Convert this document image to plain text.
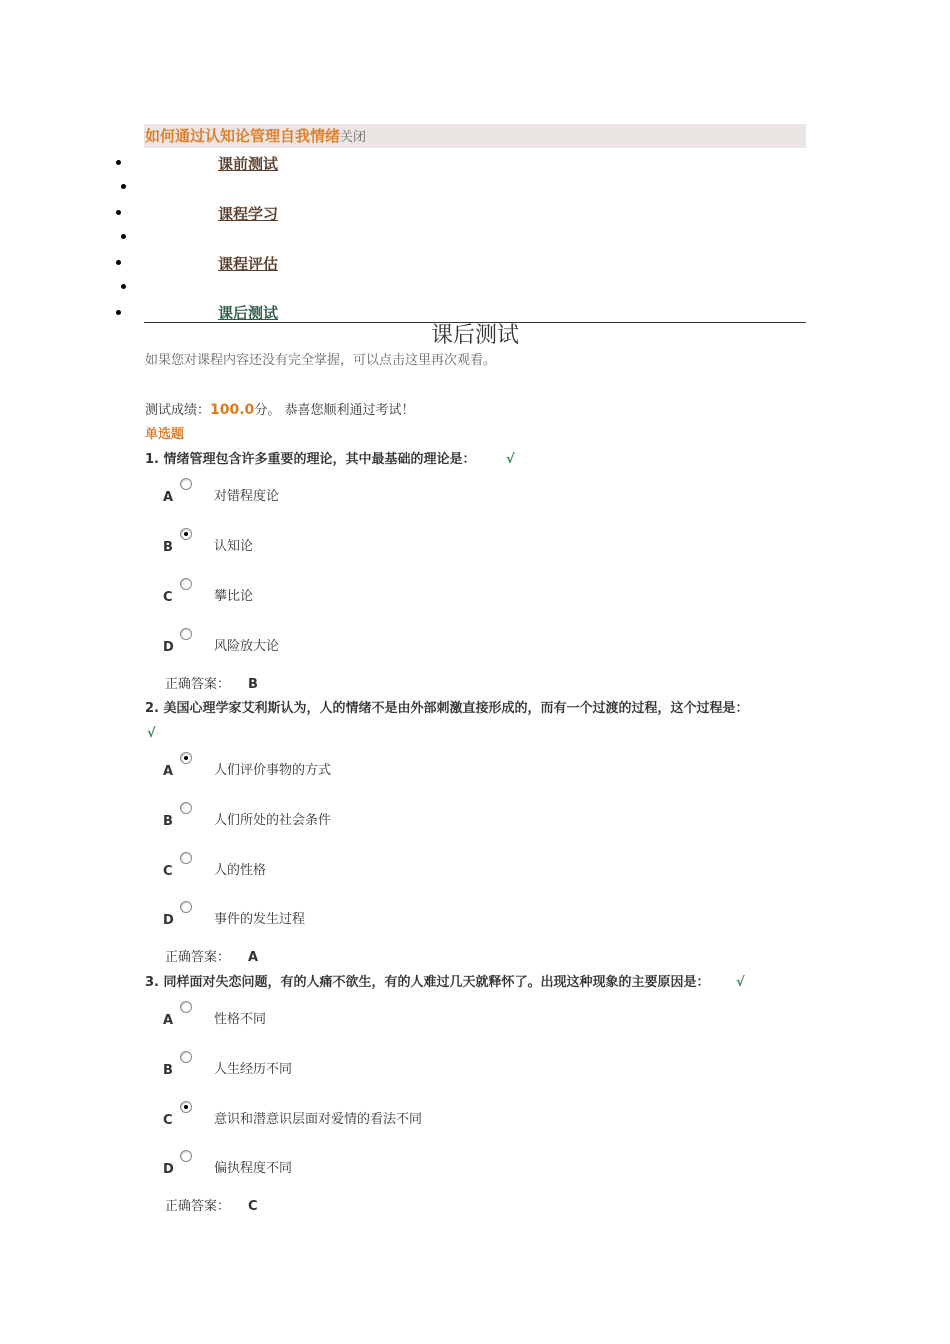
如何通过认知论管理自我情绪关闭
课前测试
课程学习
课程评估
课后测试
课后测试
如果您对课程内容还没有完全掌握，可以点击这里再次观看。
测试成绩：100.0分。 恭喜您顺利通过考试！
单选题
1. 情绪管理包含许多重要的理论，其中最基础的理论是： √
A	对错程度论
B	认知论
C	攀比论
D	风险放大论
正确答案： B
2. 美国心理学家艾利斯认为，人的情绪不是由外部刺激直接形成的，而有一个过渡的过程，这个过程是：
√
A	人们评价事物的方式
B	人们所处的社会条件
C	人的性格
D	事件的发生过程
正确答案： A
3. 同样面对失恋问题，有的人痛不欲生，有的人难过几天就释怀了。出现这种现象的主要原因是： √
A	性格不同
B	人生经历不同
C	意识和潜意识层面对爱情的看法不同
D	偏执程度不同
正确答案： C
